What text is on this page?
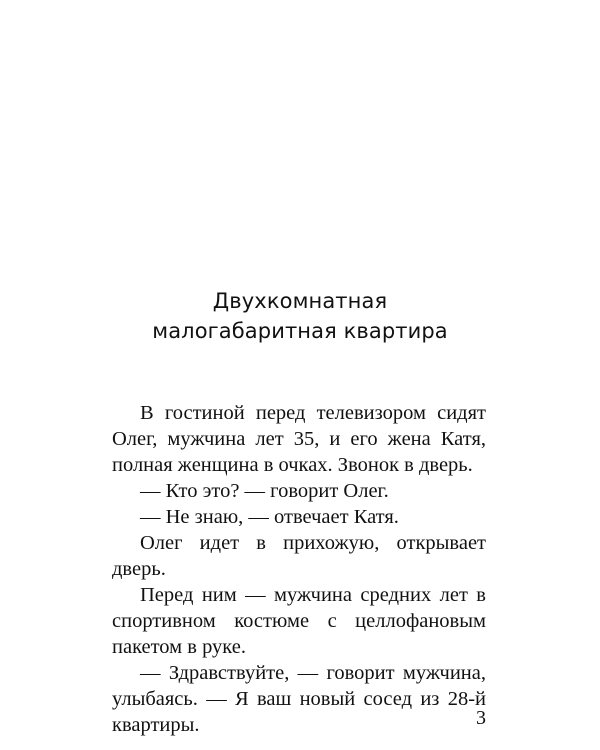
Двухкомнатная
малогабаритная квартира

В гостиной перед телевизором сидят Олег, мужчина лет 35, и его жена Катя, полная женщина в очках. Звонок в дверь.

— Кто это? — говорит Олег.

— Не знаю, — отвечает Катя.

Олег идет в прихожую, открывает дверь.

Перед ним — мужчина средних лет в спортивном костюме с целлофановым пакетом в руке.

— Здравствуйте, — говорит мужчина, улыбаясь. — Я ваш новый сосед из 28-й квартиры.	3
